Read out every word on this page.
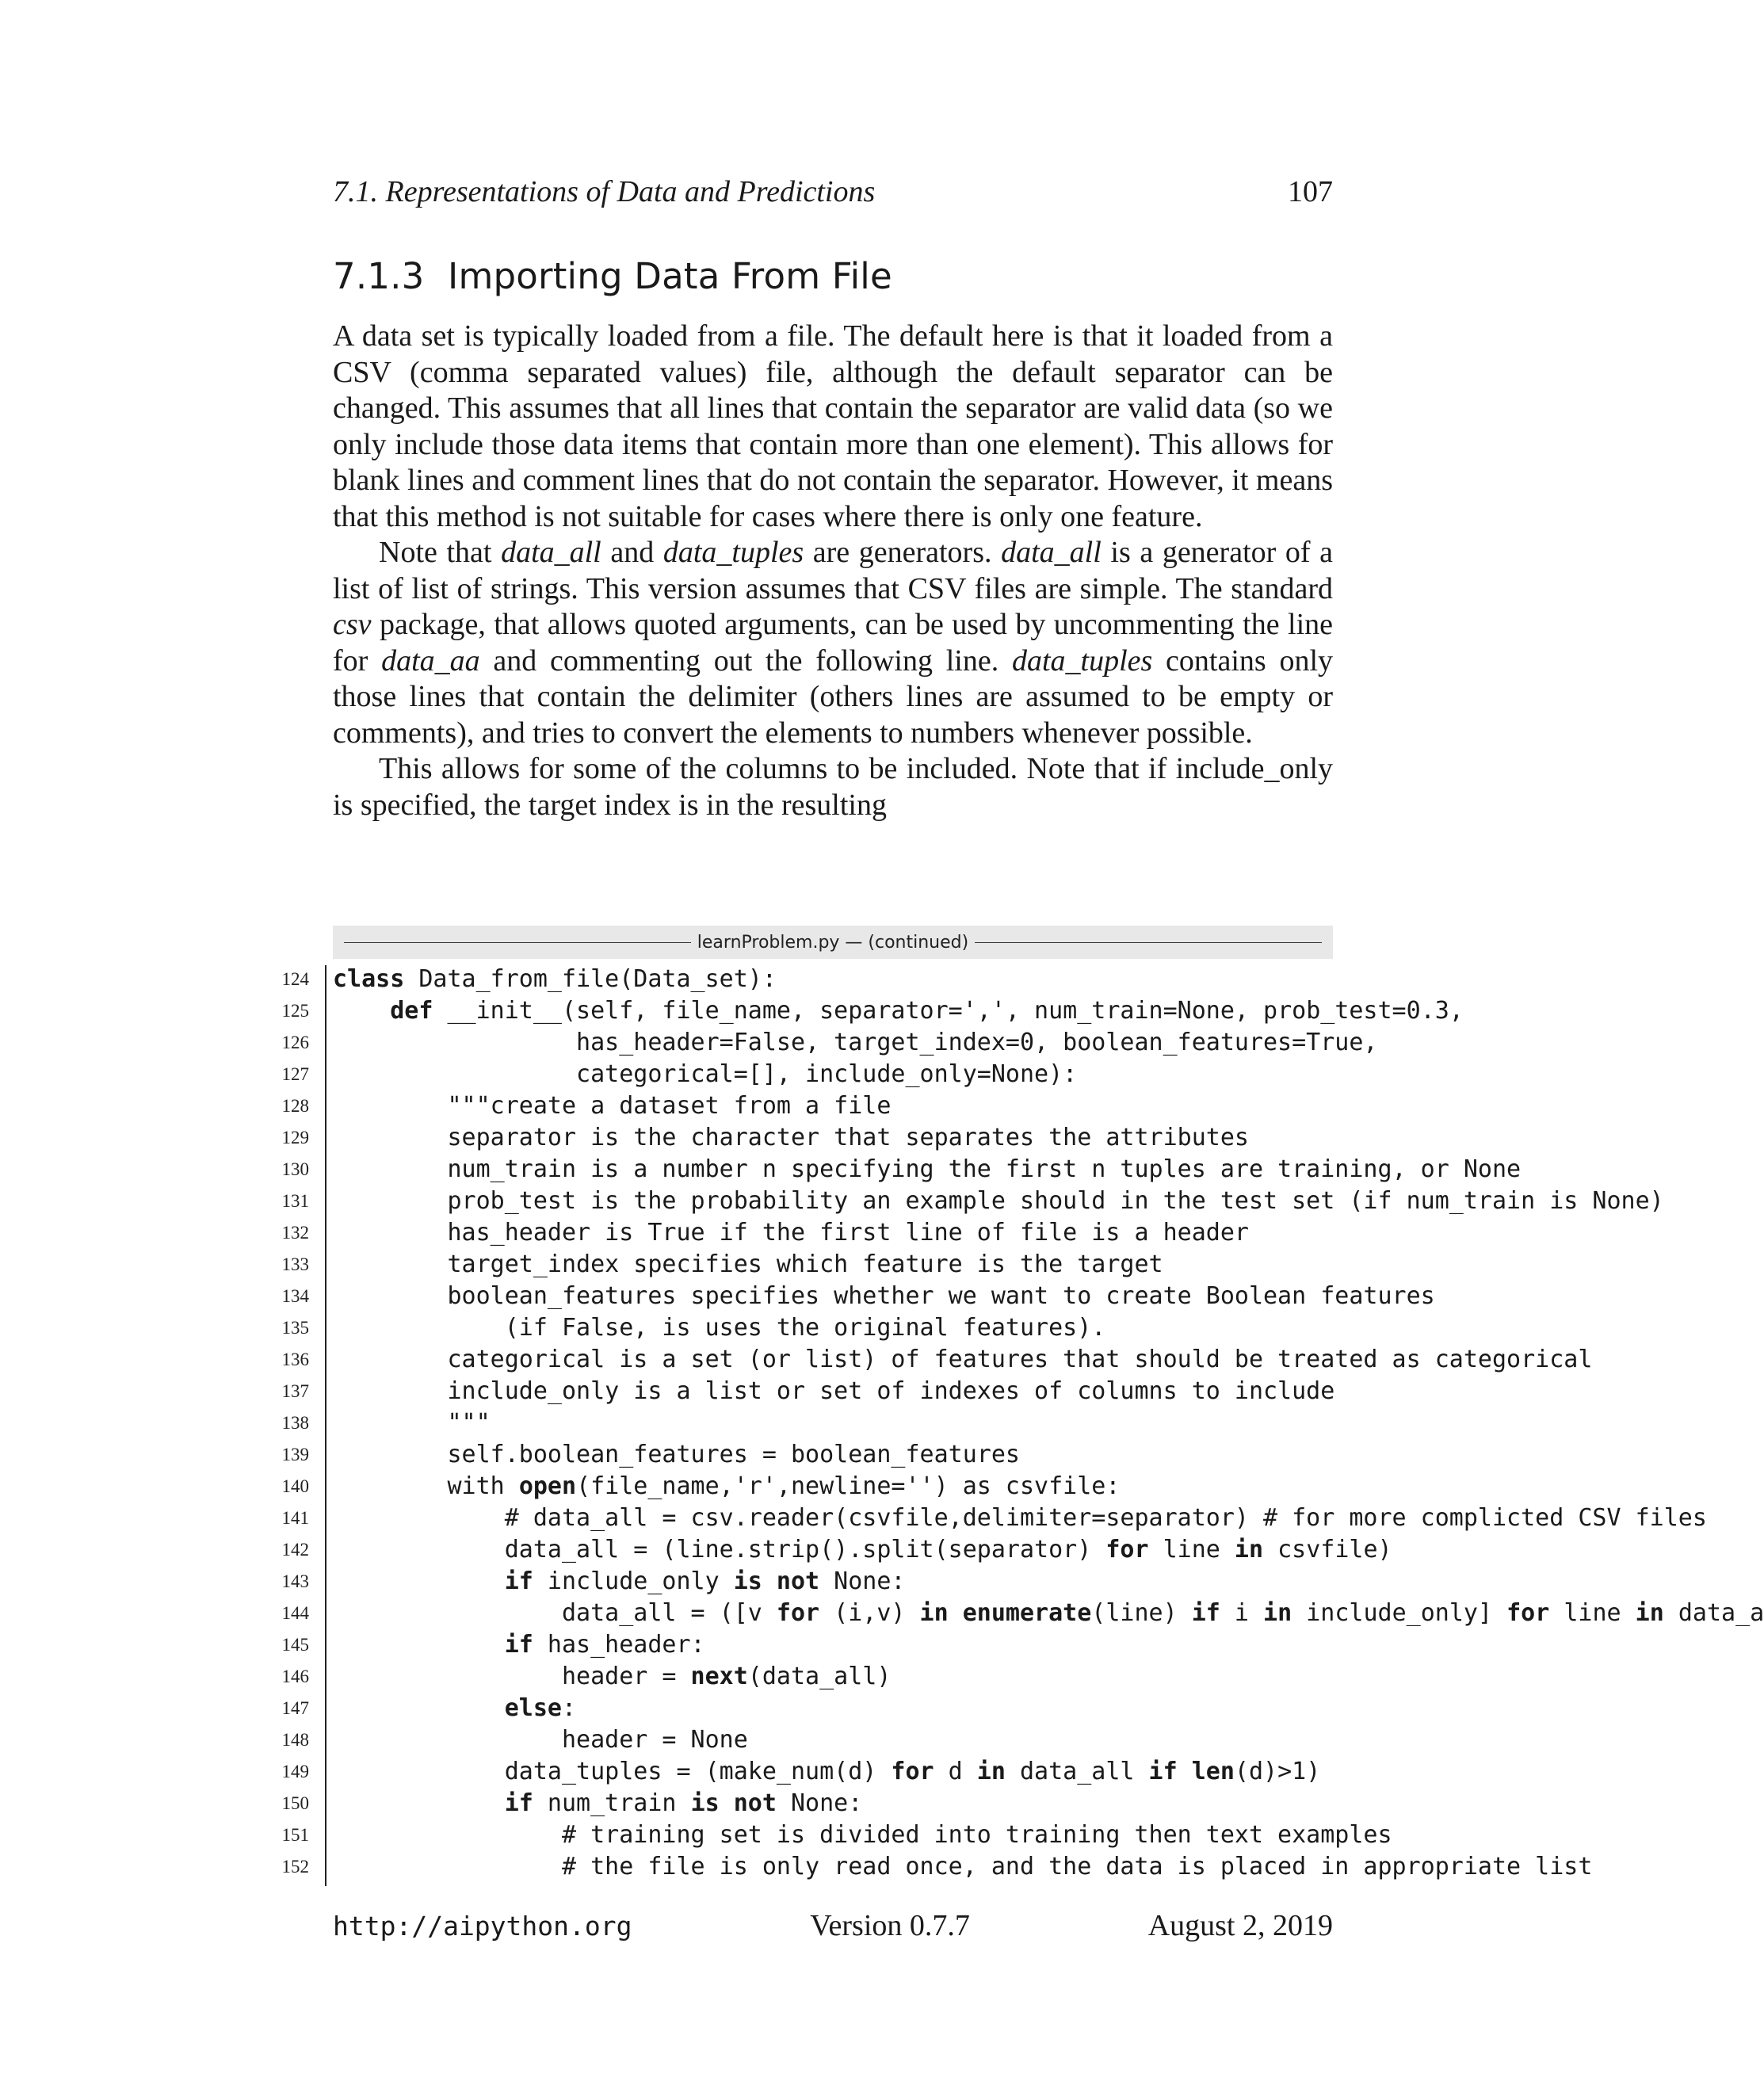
7.1. Representations of Data and Predictions	107
7.1.3 Importing Data From File

A data set is typically loaded from a file. The default here is that it loaded from a CSV (comma separated values) file, although the default separator can be changed. This assumes that all lines that contain the separator are valid data (so we only include those data items that contain more than one element). This allows for blank lines and comment lines that do not contain the separator. However, it means that this method is not suitable for cases where there is only one feature.

Note that data_all and data_tuples are generators. data_all is a generator of a list of list of strings. This version assumes that CSV files are simple. The standard csv package, that allows quoted arguments, can be used by uncommenting the line for data_aa and commenting out the following line. data_tuples contains only those lines that contain the delimiter (others lines are assumed to be empty or comments), and tries to convert the elements to numbers whenever possible.

This allows for some of the columns to be included. Note that if include_only is specified, the target index is in the resulting

learnProblem.py — (continued)
124 class Data_from_file(Data_set):
125	def __init__(self, file_name, separator=',', num_train=None, prob_test=0.3,
126 has_header=False, target_index=0, boolean_features=True,
127 categorical=[], include_only=None):
128 """create a dataset from a file
129 separator is the character that separates the attributes
130 num_train is a number n specifying the first n tuples are training, or None
131 prob_test is the probability an example should in the test set (if num_train is None)
132 has_header is True if the first line of file is a header
133 target_index specifies which feature is the target
134 boolean_features specifies whether we want to create Boolean features
135 (if False, is uses the original features).
136 categorical is a set (or list) of features that should be treated as categorical
137 include_only is a list or set of indexes of columns to include
138 """
139 self.boolean_features = boolean_features
140 with open(file_name,'r',newline='') as csvfile:
141 # data_all = csv.reader(csvfile,delimiter=separator) # for more complicted CSV files
142 data_all = (line.strip().split(separator) for line in csvfile)
143	if include_only is not None:
144 data_all = ([v for (i,v) in enumerate(line) if i in include_only] for line in data_a
145	if has_header:
146 header = next(data_all)
147	else:
148 header = None
149 data_tuples = (make_num(d) for d in data_all if len(d)>1)
150	if num_train is not None:
151 # training set is divided into training then text examples
152 # the file is only read once, and the data is placed in appropriate list
http://aipython.org	Version 0.7.7	August 2, 2019
